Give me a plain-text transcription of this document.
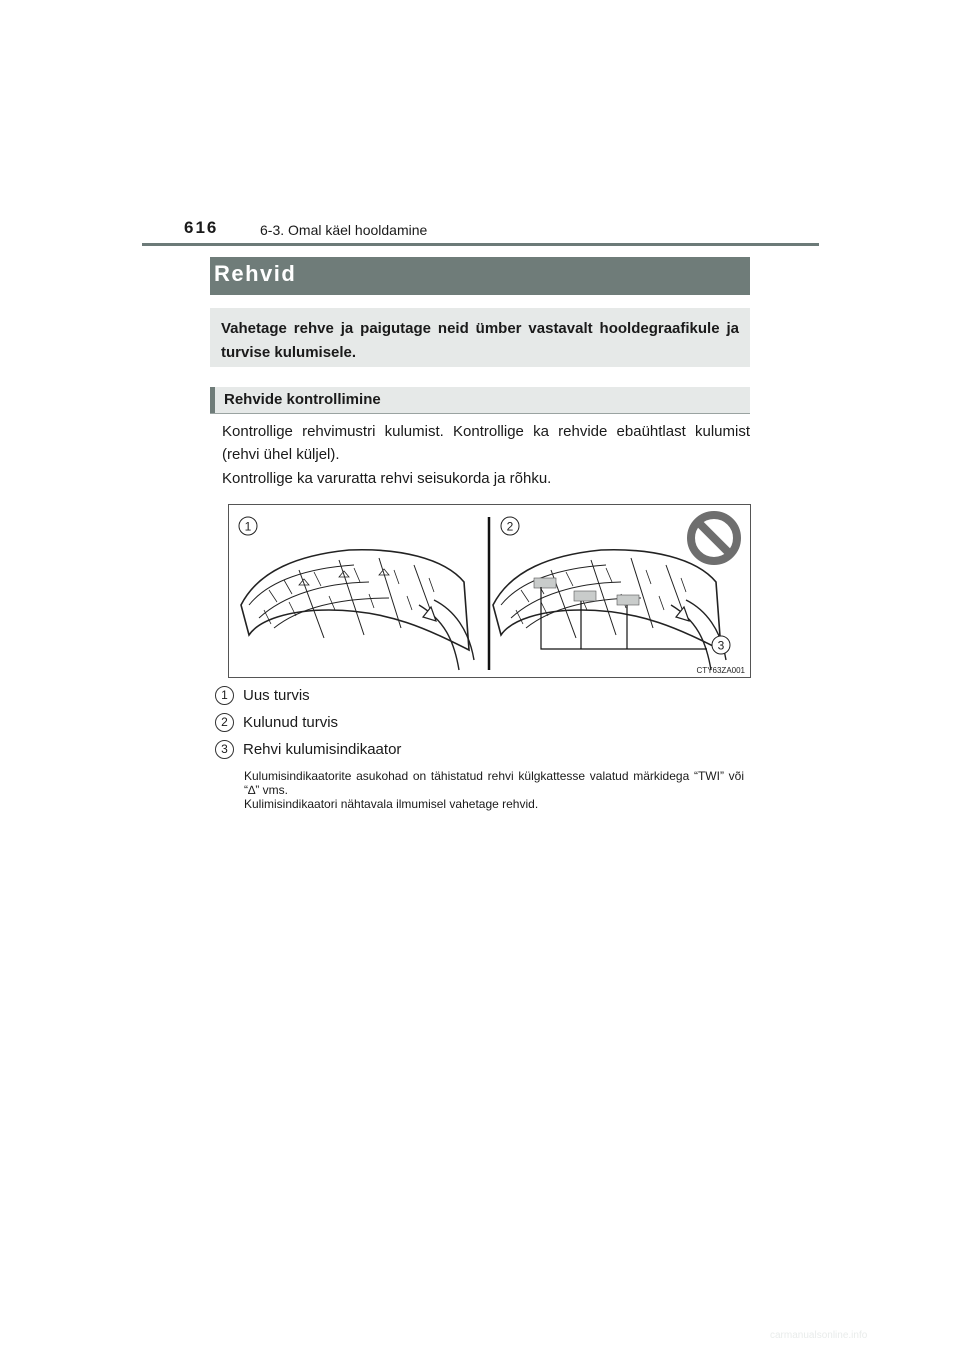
616	6-3. Omal käel hooldamine
Rehvid

Vahetage rehve ja paigutage neid ümber vastavalt hooldegraafikule ja turvise kulumisele.

Rehvide kontrollimine

Kontrollige rehvimustri kulumist. Kontrollige ka rehvide ebaühtlast kulumist (rehvi ühel küljel).

Kontrollige ka varuratta rehvi seisukorda ja rõhku.

1	2
3
CTY63ZA001
1	Uus turvis
2	Kulunud turvis
3	Rehvi kulumisindikaator

Kulumisindikaatorite asukohad on tähistatud rehvi külgkattesse valatud märkidega “TWI” või “∆” vms.
Kulimisindikaatori nähtavala ilmumisel vahetage rehvid.

carmanualsonline.info
